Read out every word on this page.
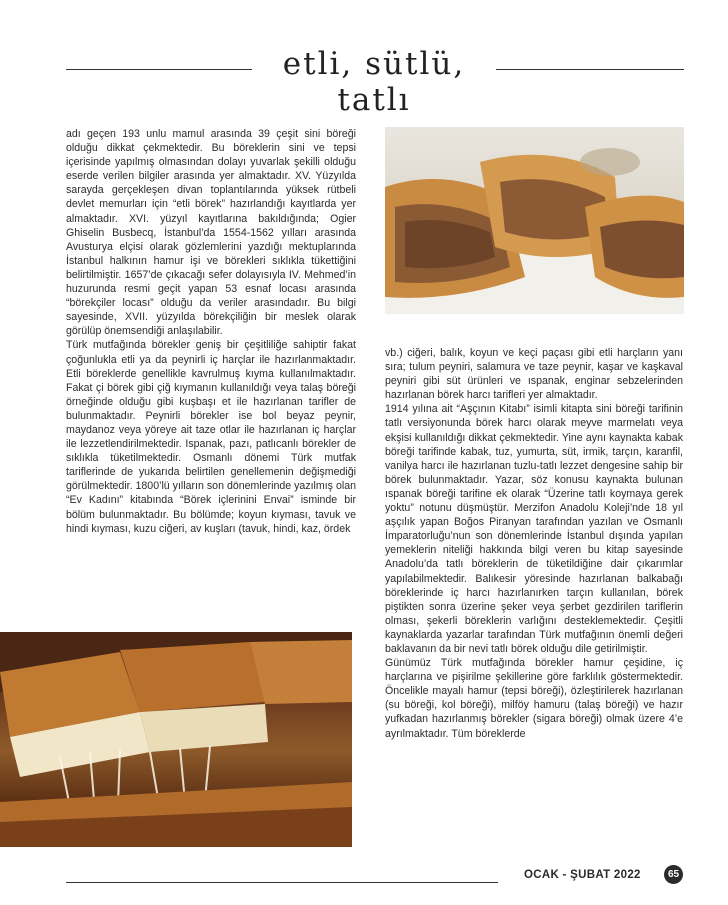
etli, sütlü, tatlı

adı geçen 193 unlu mamul arasında 39 çeşit sini böreği olduğu dikkat çekmektedir. Bu böreklerin sini ve tepsi içerisinde yapılmış olmasından dolayı yuvarlak şekilli olduğu eserde verilen bilgiler arasında yer almaktadır. XV. Yüzyılda sarayda gerçekleşen divan toplantılarında yüksek rütbeli devlet memurları için “etli börek” hazırlandığı kayıtlarda yer almaktadır. XVI. yüzyıl kayıtlarına bakıldığında; Ogier Ghiselin Busbecq, İstanbul’da 1554-1562 yılları arasında Avusturya elçisi olarak gözlemlerini yazdığı mektuplarında İstanbul halkının hamur işi ve börekleri sıklıkla tükettiğini belirtilmiştir. 1657’de çıkacağı sefer dolayısıyla IV. Mehmed’in huzurunda resmi geçit yapan 53 esnaf locası arasında “börekçiler locası” olduğu da veriler arasındadır. Bu bilgi sayesinde, XVII. yüzyılda börekçiliğin bir meslek olarak görülüp önemsendiği anlaşılabilir.

Türk mutfağında börekler geniş bir çeşitliliğe sahiptir fakat çoğunlukla etli ya da peynirli iç harçlar ile hazırlanmaktadır. Etli böreklerde genellikle kavrulmuş kıyma kullanılmaktadır. Fakat çi börek gibi çiğ kıymanın kullanıldığı veya talaş böreği örneğinde olduğu gibi kuşbaşı et ile hazırlanan tarifler de bulunmaktadır. Peynirli börekler ise bol beyaz peynir, maydanoz veya yöreye ait taze otlar ile hazırlanan iç harçlar ile lezzetlendirilmektedir. Ispanak, pazı, patlıcanlı börekler de sıklıkla tüketilmektedir. Osmanlı dönemi Türk mutfak tariflerinde de yukarıda belirtilen genellemenin değişmediği görülmektedir. 1800’lü yılların son dönemlerinde yazılmış olan “Ev Kadını” kitabında “Börek içlerinini Envai” isminde bir bölüm bulunmaktadır. Bu bölümde; koyun kıyması, tavuk ve hindi kıyması, kuzu ciğeri, av kuşları (tavuk, hindi, kaz, ördek

vb.) ciğeri, balık, koyun ve keçi paçası gibi etli harçların yanı sıra; tulum peyniri, salamura ve taze peynir, kaşar ve kaşkaval peyniri gibi süt ürünleri ve ıspanak, enginar sebzelerinden hazırlanan börek harcı tarifleri yer almaktadır.

1914 yılına ait “Aşçının Kitabı” isimli kitapta sini böreği tarifinin tatlı versiyonunda börek harcı olarak meyve marmelatı veya ekşisi kullanıldığı dikkat çekmektedir. Yine aynı kaynakta kabak böreği tarifinde kabak, tuz, yumurta, süt, irmik, tarçın, karanfil, vanilya harcı ile hazırlanan tuzlu-tatlı lezzet dengesine sahip bir börek bulunmaktadır. Yazar, söz konusu kaynakta bulunan ıspanak böreği tarifine ek olarak “Üzerine tatlı koymaya gerek yoktu” notunu düşmüştür. Merzifon Anadolu Koleji’nde 18 yıl aşçılık yapan Boğos Piranyan tarafından yazılan ve Osmanlı İmparatorluğu’nun son dönemlerinde İstanbul dışında yapılan yemeklerin niteliği hakkında bilgi veren bu kitap sayesinde Anadolu’da tatlı böreklerin de tüketildiğine dair çıkarımlar yapılabilmektedir. Balıkesir yöresinde hazırlanan balkabağı böreklerinde iç harcı hazırlanırken tarçın kullanılan, börek piştikten sonra üzerine şeker veya şerbet gezdirilen tariflerin olması, şekerli böreklerin varlığını desteklemektedir. Çeşitli kaynaklarda yazarlar tarafından Türk mutfağının önemli değeri baklavanın da bir nevi tatlı börek olduğu dile getirilmiştir.

Günümüz Türk mutfağında börekler hamur çeşidine, iç harçlarına ve pişirilme şekillerine göre farklılık göstermektedir. Öncelikle mayalı hamur (tepsi böreği), özleştirilerek hazırlanan (su böreği, kol böreği), milföy hamuru (talaş böreği) ve hazır yufkadan hazırlanmış börekler (sigara böreği) olmak üzere 4’e ayrılmaktadır. Tüm böreklerde

OCAK - ŞUBAT 2022	65
